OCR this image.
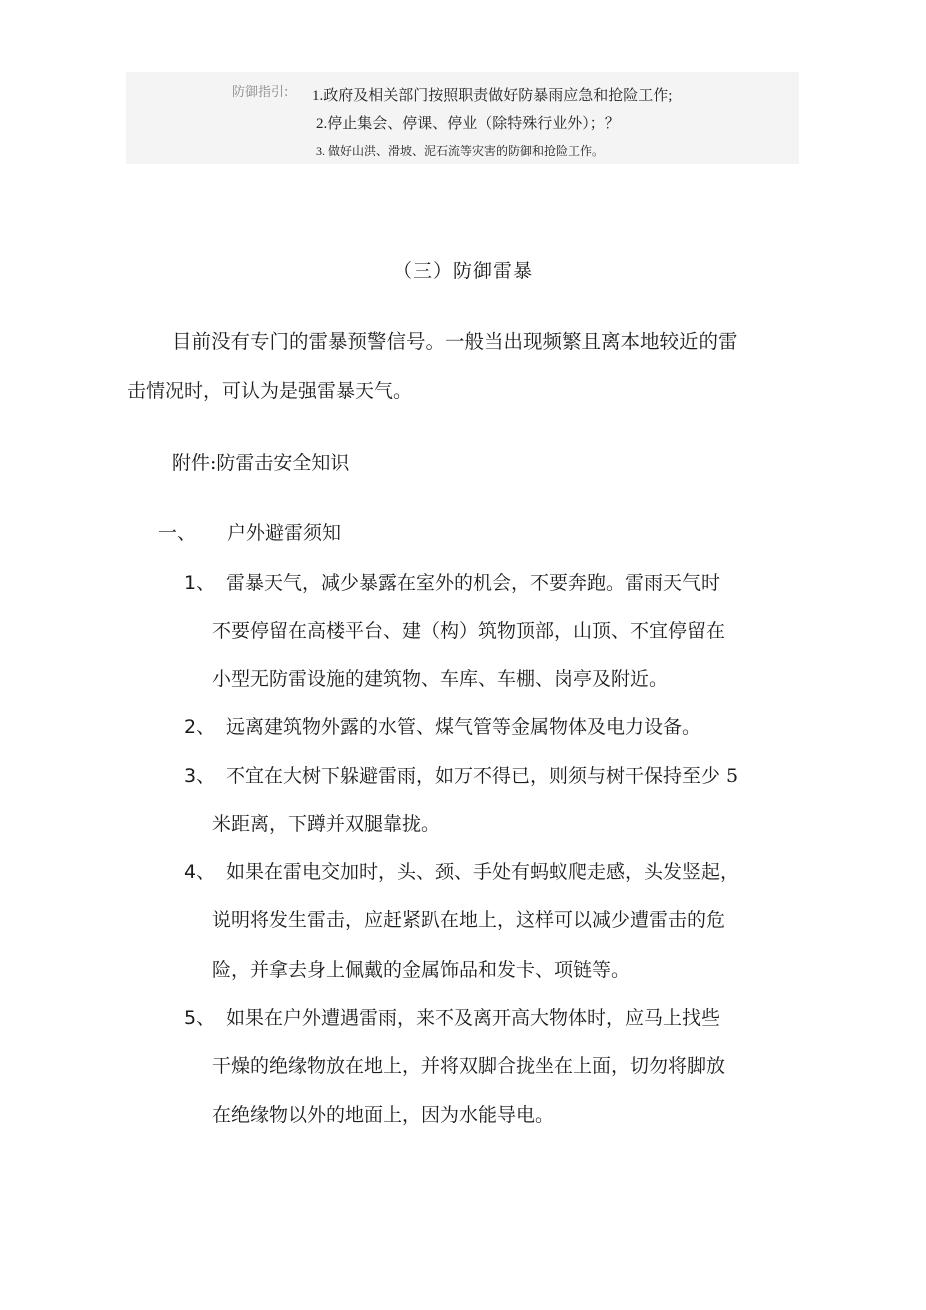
防御指引: 1.政府及相关部门按照职责做好防暴雨应急和抢险工作;
2.停止集会、停课、停业（除特殊行业外）；？
3. 做好山洪、滑坡、泥石流等灾害的防御和抢险工作。
（三）防御雷暴
目前没有专门的雷暴预警信号。一般当出现频繁且离本地较近的雷
击情况时，可认为是强雷暴天气。
附件:防雷击安全知识
一、 户外避雷须知
1、 雷暴天气，减少暴露在室外的机会，不要奔跑。雷雨天气时
不要停留在高楼平台、建（构）筑物顶部，山顶、不宜停留在
小型无防雷设施的建筑物、车库、车棚、岗亭及附近。
2、 远离建筑物外露的水管、煤气管等金属物体及电力设备。
3、 不宜在大树下躲避雷雨，如万不得已，则须与树干保持至少 5
米距离，下蹲并双腿靠拢。
4、 如果在雷电交加时，头、颈、手处有蚂蚁爬走感，头发竖起，
说明将发生雷击，应赶紧趴在地上，这样可以减少遭雷击的危
险，并拿去身上佩戴的金属饰品和发卡、项链等。
5、 如果在户外遭遇雷雨，来不及离开高大物体时，应马上找些
干燥的绝缘物放在地上，并将双脚合拢坐在上面，切勿将脚放
在绝缘物以外的地面上，因为水能导电。
